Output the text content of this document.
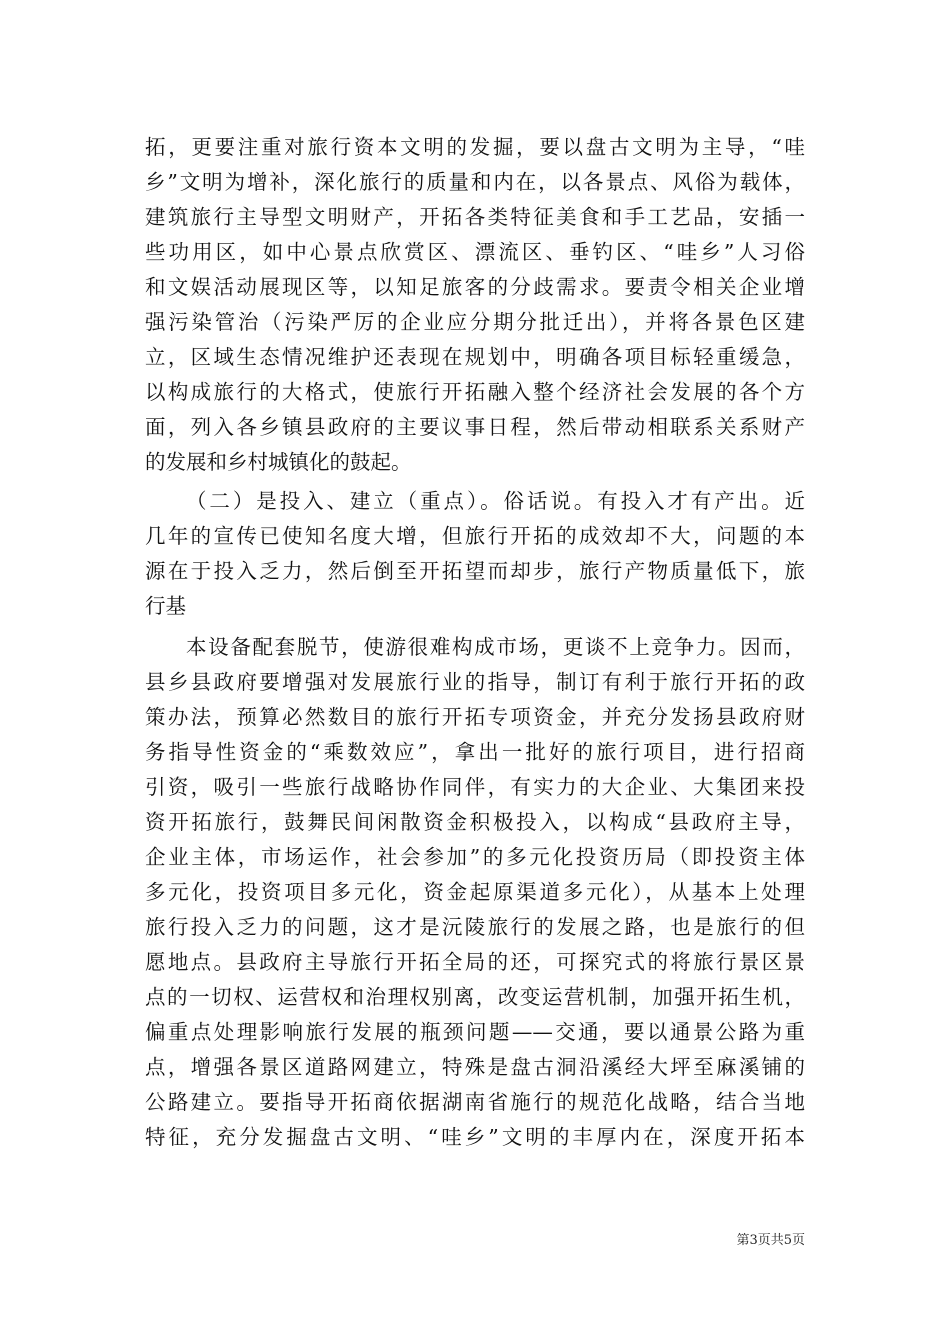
拓，更要注重对旅行资本文明的发掘，要以盘古文明为主导，“哇
乡”文明为增补，深化旅行的质量和内在，以各景点、风俗为载体，
建筑旅行主导型文明财产，开拓各类特征美食和手工艺品，安插一
些功用区，如中心景点欣赏区、漂流区、垂钓区、“哇乡”人习俗
和文娱活动展现区等，以知足旅客的分歧需求。要责令相关企业增
强污染管治（污染严厉的企业应分期分批迁出），并将各景色区建
立，区域生态情况维护还表现在规划中，明确各项目标轻重缓急，
以构成旅行的大格式，使旅行开拓融入整个经济社会发展的各个方
面，列入各乡镇县政府的主要议事日程，然后带动相联系关系财产
的发展和乡村城镇化的鼓起。
（二）是投入、建立（重点）。俗话说。有投入才有产出。近
几年的宣传已使知名度大增，但旅行开拓的成效却不大，问题的本
源在于投入乏力，然后倒至开拓望而却步，旅行产物质量低下，旅
行基
本设备配套脱节，使游很难构成市场，更谈不上竞争力。因而，
县乡县政府要增强对发展旅行业的指导，制订有利于旅行开拓的政
策办法，预算必然数目的旅行开拓专项资金，并充分发扬县政府财
务指导性资金的“乘数效应”，拿出一批好的旅行项目，进行招商
引资，吸引一些旅行战略协作同伴，有实力的大企业、大集团来投
资开拓旅行，鼓舞民间闲散资金积极投入，以构成“县政府主导，
企业主体，市场运作，社会参加”的多元化投资历局（即投资主体
多元化，投资项目多元化，资金起原渠道多元化），从基本上处理
旅行投入乏力的问题，这才是沅陵旅行的发展之路，也是旅行的但
愿地点。县政府主导旅行开拓全局的还，可探究式的将旅行景区景
点的一切权、运营权和治理权别离，改变运营机制，加强开拓生机，
偏重点处理影响旅行发展的瓶颈问题——交通，要以通景公路为重
点，增强各景区道路网建立，特殊是盘古洞沿溪经大坪至麻溪铺的
公路建立。要指导开拓商依据湖南省施行的规范化战略，结合当地
特征，充分发掘盘古文明、“哇乡”文明的丰厚内在，深度开拓本
第3页共5页
